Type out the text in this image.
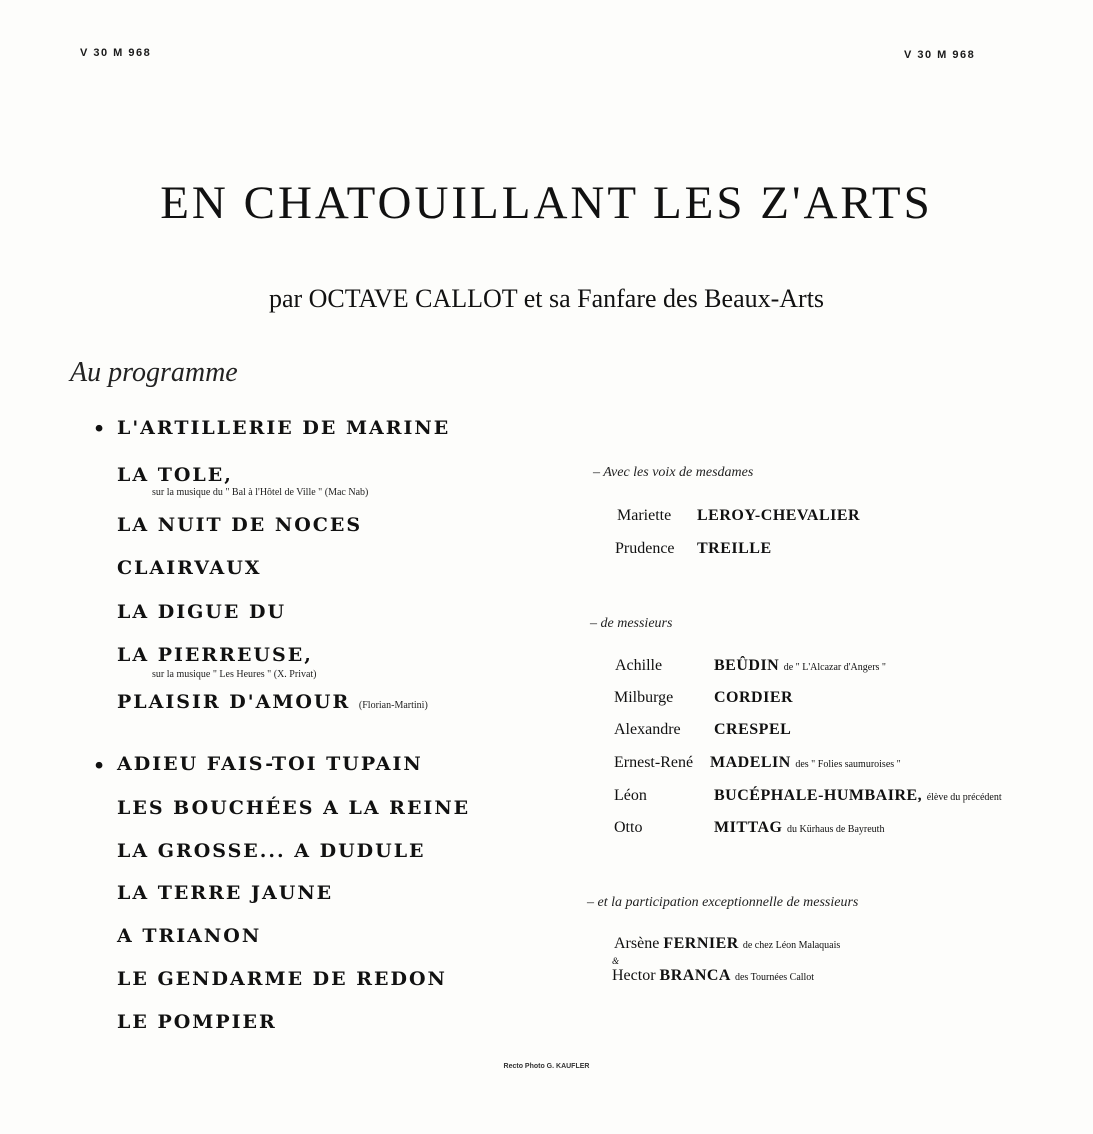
V 30 M 968	V 30 M 968
EN CHATOUILLANT LES Z'ARTS
par OCTAVE CALLOT et sa Fanfare des Beaux-Arts
Au programme
• L'ARTILLERIE DE MARINE
LA TOLE,
sur la musique du " Bal à l'Hôtel de Ville " (Mac Nab)
LA NUIT DE NOCES
CLAIRVAUX
LA DIGUE DU
LA PIERREUSE,
sur la musique " Les Heures " (X. Privat)
PLAISIR D'AMOUR (Florian-Martini)
• ADIEU FAIS-TOI TUPAIN
LES BOUCHÉES A LA REINE
LA GROSSE... A DUDULE
LA TERRE JAUNE
A TRIANON
LE GENDARME DE REDON
LE POMPIER
– Avec les voix de mesdames
Mariette LEROY-CHEVALIER
Prudence TREILLE
– de messieurs
Achille	BEÛDIN de " L'Alcazar d'Angers "
Milburge	CORDIER
Alexandre CRESPEL
Ernest-René MADELIN des " Folies saumuroises "
Léon	BUCÉPHALE-HUMBAIRE, élève du précédent
Otto	MITTAG du Kürhaus de Bayreuth
– et la participation exceptionnelle de messieurs
Arsène FERNIER de chez Léon Malaquais
&
Hector BRANCA des Tournées Callot
Recto Photo G. KAUFLER
